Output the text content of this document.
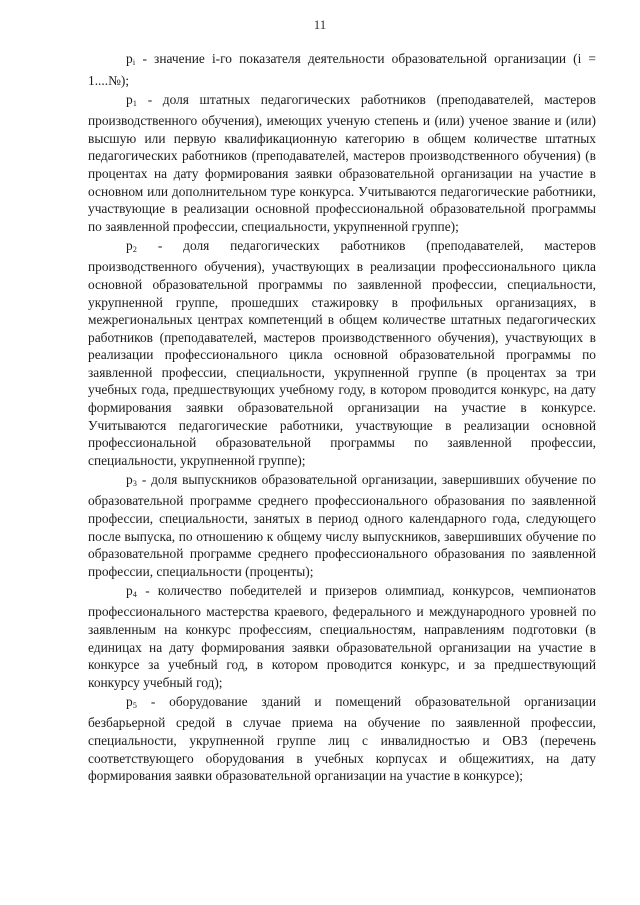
11

$p_i$ - значение i-го показателя деятельности образовательной организации (i = 1....№);

$p_1$ - доля штатных педагогических работников (преподавателей, мастеров производственного обучения), имеющих ученую степень и (или) ученое звание и (или) высшую или первую квалификационную категорию в общем количестве штатных педагогических работников (преподавателей, мастеров производственного обучения) (в процентах на дату формирования заявки образовательной организации на участие в основном или дополнительном туре конкурса. Учитываются педагогические работники, участвующие в реализации основной профессиональной образовательной программы по заявленной профессии, специальности, укрупненной группе);

$p_2$ - доля педагогических работников (преподавателей, мастеров производственного обучения), участвующих в реализации профессионального цикла основной образовательной программы по заявленной профессии, специальности, укрупненной группе, прошедших стажировку в профильных организациях, в межрегиональных центрах компетенций в общем количестве штатных педагогических работников (преподавателей, мастеров производственного обучения), участвующих в реализации профессионального цикла основной образовательной программы по заявленной профессии, специальности, укрупненной группе (в процентах за три учебных года, предшествующих учебному году, в котором проводится конкурс, на дату формирования заявки образовательной организации на участие в конкурсе. Учитываются педагогические работники, участвующие в реализации основной профессиональной образовательной программы по заявленной профессии, специальности, укрупненной группе);

$p_3$ - доля выпускников образовательной организации, завершивших обучение по образовательной программе среднего профессионального образования по заявленной профессии, специальности, занятых в период одного календарного года, следующего после выпуска, по отношению к общему числу выпускников, завершивших обучение по образовательной программе среднего профессионального образования по заявленной профессии, специальности (проценты);

$p_4$ - количество победителей и призеров олимпиад, конкурсов, чемпионатов профессионального мастерства краевого, федерального и международного уровней по заявленным на конкурс профессиям, специальностям, направлениям подготовки (в единицах на дату формирования заявки образовательной организации на участие в конкурсе за учебный год, в котором проводится конкурс, и за предшествующий конкурсу учебный год);

$p_5$ - оборудование зданий и помещений образовательной организации безбарьерной средой в случае приема на обучение по заявленной профессии, специальности, укрупненной группе лиц с инвалидностью и ОВЗ (перечень соответствующего оборудования в учебных корпусах и общежитиях, на дату формирования заявки образовательной организации на участие в конкурсе);
